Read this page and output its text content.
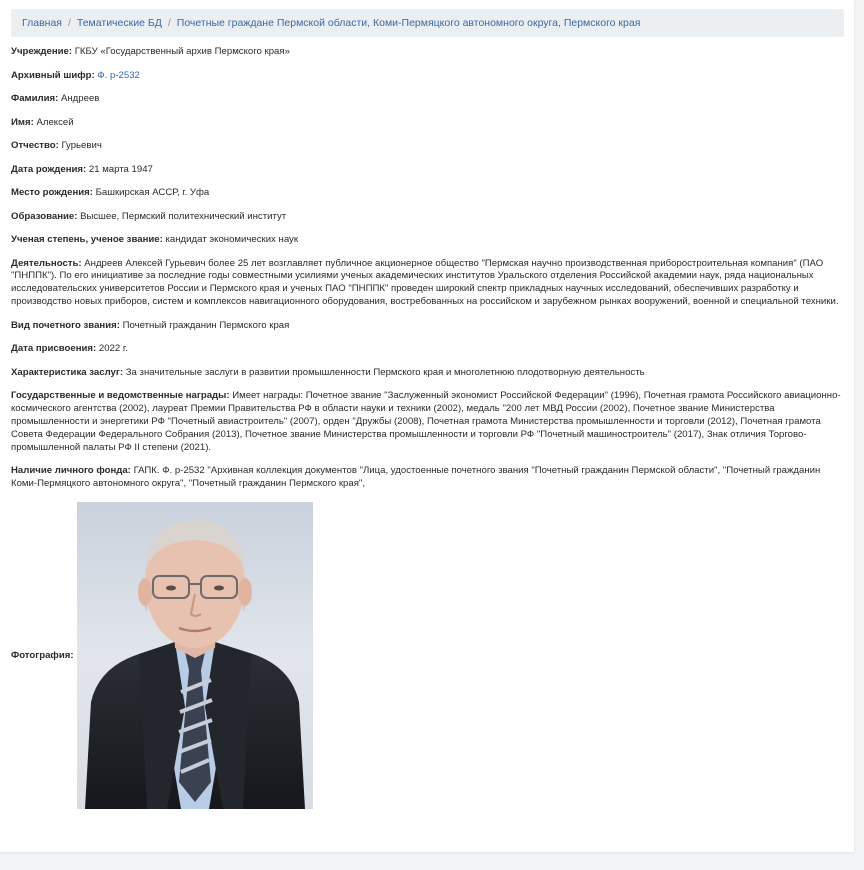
Главная / Тематические БД / Почетные граждане Пермской области, Коми-Пермяцкого автономного округа, Пермского края
Учреждение: ГКБУ «Государственный архив Пермского края»
Архивный шифр: Ф. р-2532
Фамилия: Андреев
Имя: Алексей
Отчество: Гурьевич
Дата рождения: 21 марта 1947
Место рождения: Башкирская АССР, г. Уфа
Образование: Высшее, Пермский политехнический институт
Ученая степень, ученое звание: кандидат экономических наук
Деятельность: Андреев Алексей Гурьевич более 25 лет возглавляет публичное акционерное общество "Пермская научно производственная приборостроительная компания" (ПАО "ПНППК"). По его инициативе за последние годы совместными усилиями ученых академических институтов Уральского отделения Российской академии наук, ряда национальных исследовательских университетов России и Пермского края и ученых ПАО "ПНППК" проведен широкий спектр прикладных научных исследований, обеспечивших разработку и производство новых приборов, систем и комплексов навигационного оборудования, востребованных на российском и зарубежном рынках вооружений, военной и специальной техники.
Вид почетного звания: Почетный гражданин Пермского края
Дата присвоения: 2022 г.
Характеристика заслуг: За значительные заслуги в развитии промышленности Пермского края и многолетнюю плодотворную деятельность
Государственные и ведомственные награды: Имеет награды: Почетное звание "Заслуженный экономист Российской Федерации" (1996), Почетная грамота Российского авиационно-космического агентства (2002), лауреат Премии Правительства РФ в области науки и техники (2002), медаль "200 лет МВД России (2002), Почетное звание Министерства промышленности и энергетики РФ "Почетный авиастроитель" (2007), орден "Дружбы (2008), Почетная грамота Министерства промышленности и торговли (2012), Почетная грамота Совета Федерации Федерального Собрания (2013), Почетное звание Министерства промышленности и торговли РФ "Почетный машиностроитель" (2017), Знак отличия Торгово-промышленной палаты РФ II степени (2021).
Наличие личного фонда: ГАПК. Ф. р-2532 "Архивная коллекция документов "Лица, удостоенные почетного звания "Почетный гражданин Пермской области", "Почетный гражданин Коми-Пермяцкого автономного округа", "Почетный гражданин Пермского края",
Фотография:
